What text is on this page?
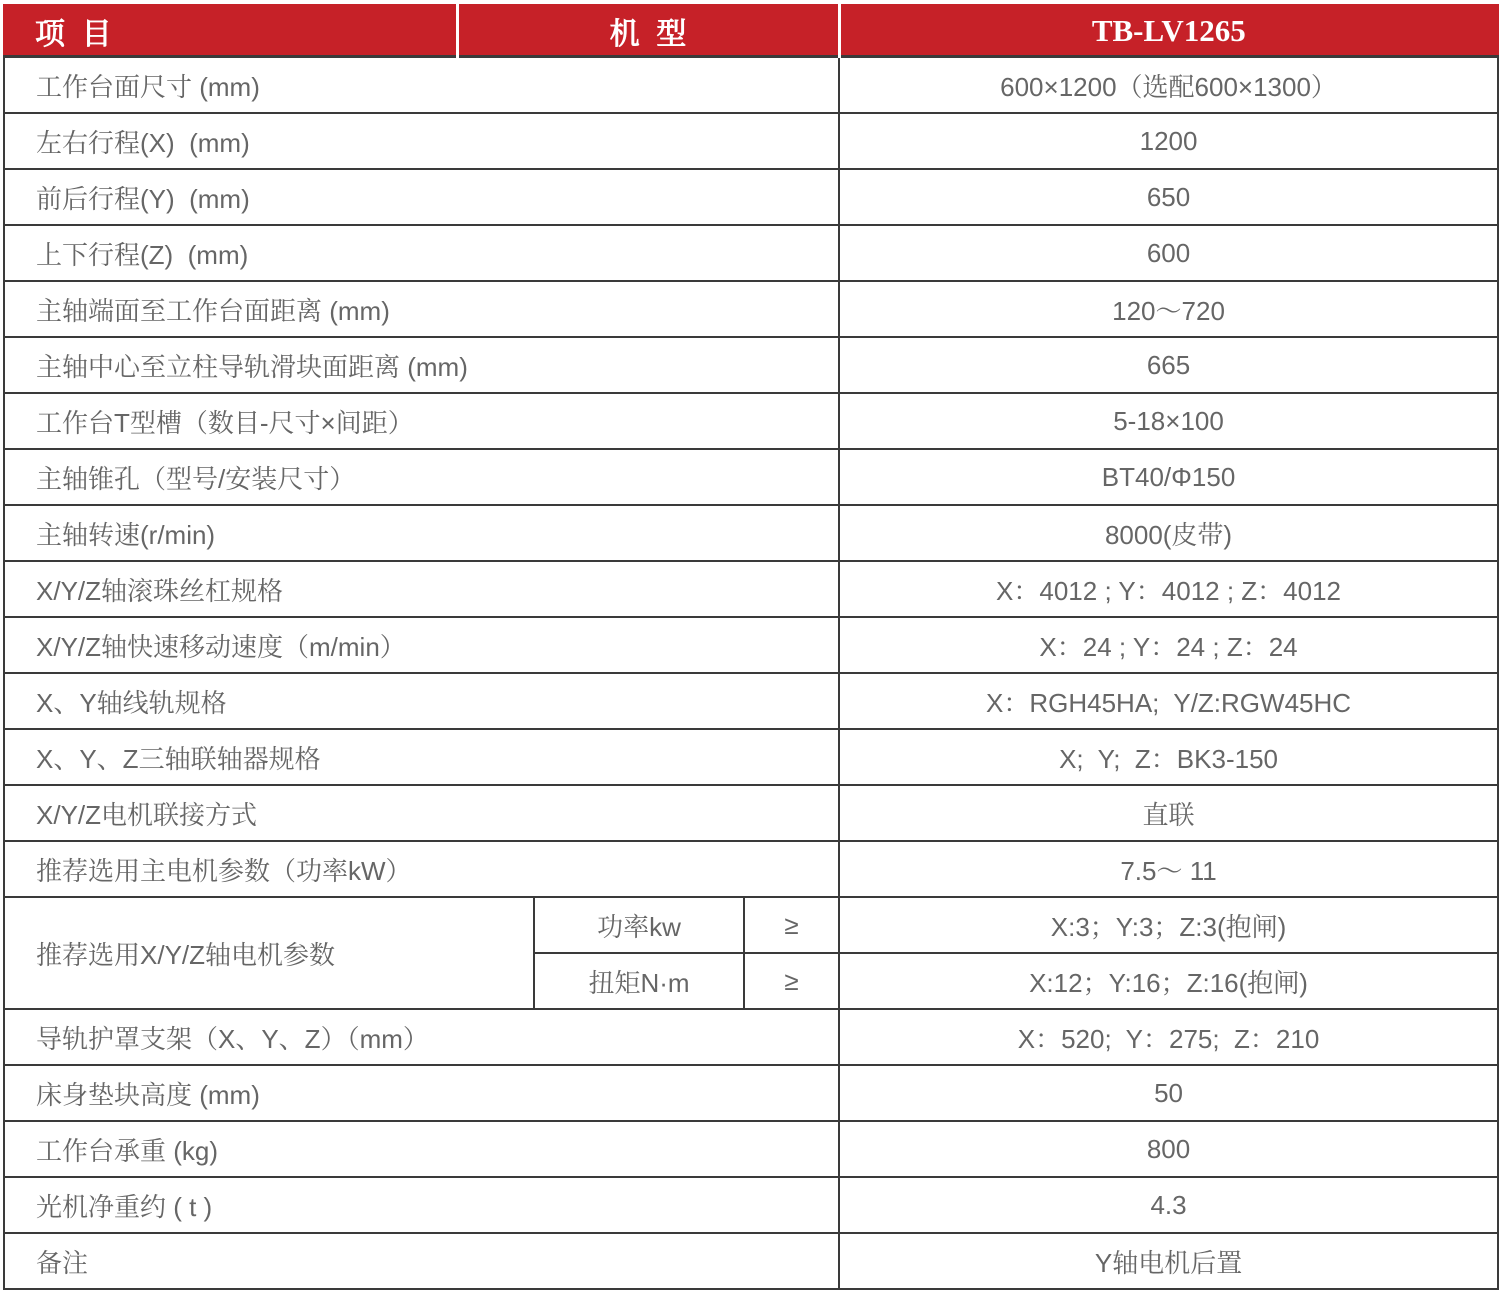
项  目	机  型			TB-LV1265
工作台面尺寸 (mm)				600×1200（选配600×1300）
左右行程(X)  (mm)				1200
前后行程(Y)  (mm)				650
上下行程(Z)  (mm)				600
主轴端面至工作台面距离 (mm)				120～720
主轴中心至立柱导轨滑块面距离 (mm)				665
工作台T型槽（数目-尺寸×间距）				5-18×100
主轴锥孔（型号/安装尺寸）				BT40/Φ150
主轴转速(r/min)				8000(皮带)
X/Y/Z轴滚珠丝杠规格				X：4012 ; Y：4012 ; Z：4012
X/Y/Z轴快速移动速度（m/min）				X：24 ; Y：24 ; Z：24
X、Y轴线轨规格				X：RGH45HA;  Y/Z:RGW45HC
X、Y、Z三轴联轴器规格				X;  Y;  Z：BK3-150
X/Y/Z电机联接方式				直联
推荐选用主电机参数（功率kW）				7.5～ 11
推荐选用X/Y/Z轴电机参数		功率kw	≥	X:3；Y:3；Z:3(抱闸)
		扭矩N·m	≥	X:12；Y:16；Z:16(抱闸)
导轨护罩支架（X、Y、Z）（mm）				X：520;  Y：275;  Z：210
床身垫块高度 (mm)				50
工作台承重 (kg)				800
光机净重约 ( t )				4.3
备注				Y轴电机后置
